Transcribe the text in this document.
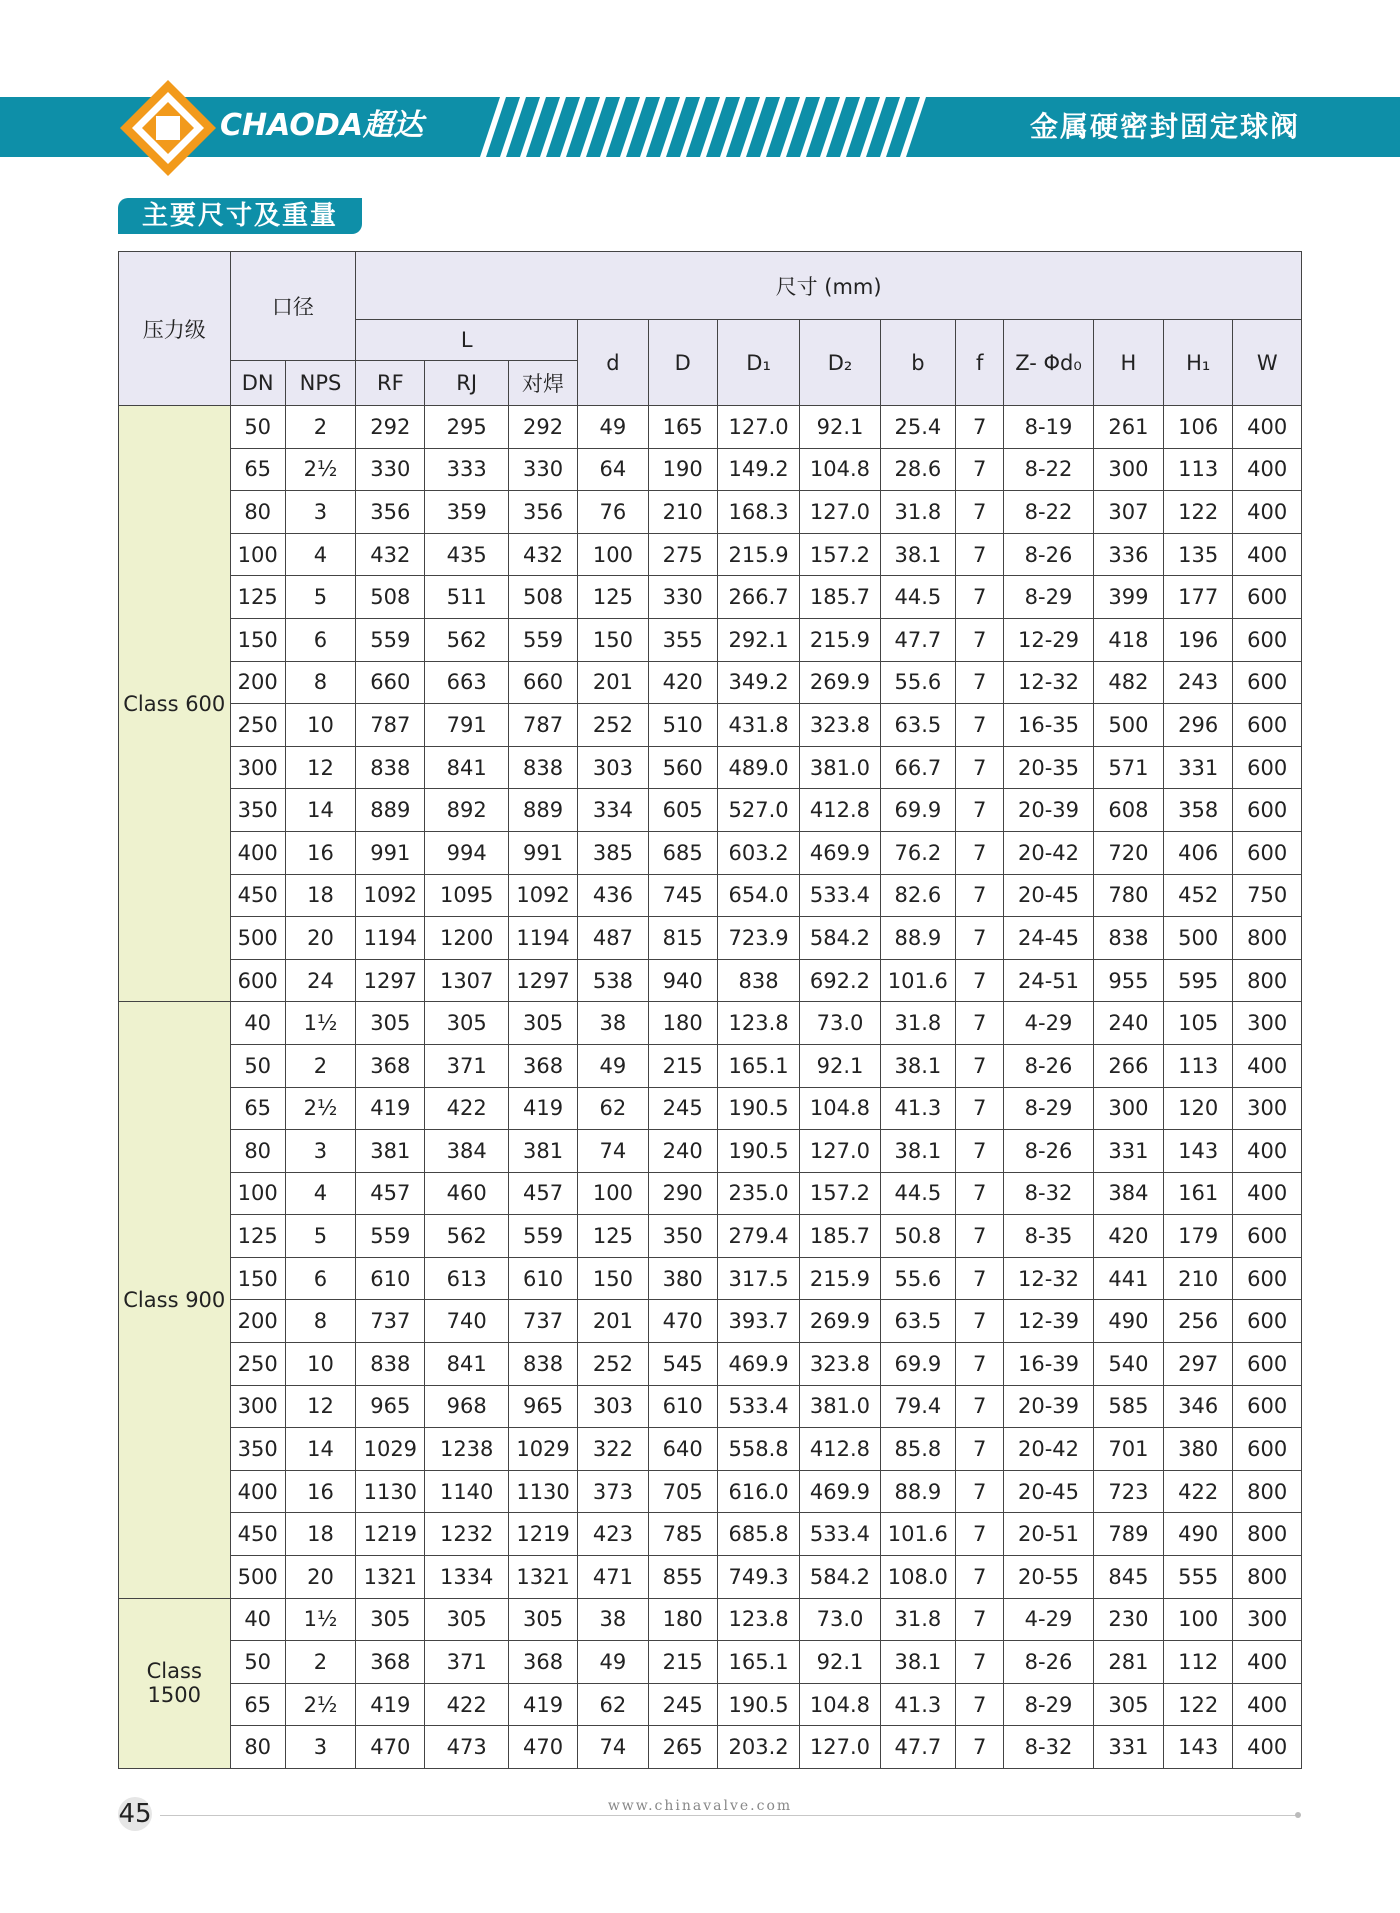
CHAODA超达	金属硬密封固定球阀
主要尺寸及重量
压力级	口径		尺寸 (mm)												
			L			d	D	D₁	D₂	b	f	Z- Φd₀	H	H₁	W
	DN	NPS	RF	RJ	对焊										
Class 600	50	2	292	295	292	49	165	127.0	92.1	25.4	7	8-19	261	106	400
	65	2½	330	333	330	64	190	149.2	104.8	28.6	7	8-22	300	113	400
	80	3	356	359	356	76	210	168.3	127.0	31.8	7	8-22	307	122	400
	100	4	432	435	432	100	275	215.9	157.2	38.1	7	8-26	336	135	400
	125	5	508	511	508	125	330	266.7	185.7	44.5	7	8-29	399	177	600
	150	6	559	562	559	150	355	292.1	215.9	47.7	7	12-29	418	196	600
	200	8	660	663	660	201	420	349.2	269.9	55.6	7	12-32	482	243	600
	250	10	787	791	787	252	510	431.8	323.8	63.5	7	16-35	500	296	600
	300	12	838	841	838	303	560	489.0	381.0	66.7	7	20-35	571	331	600
	350	14	889	892	889	334	605	527.0	412.8	69.9	7	20-39	608	358	600
	400	16	991	994	991	385	685	603.2	469.9	76.2	7	20-42	720	406	600
	450	18	1092	1095	1092	436	745	654.0	533.4	82.6	7	20-45	780	452	750
	500	20	1194	1200	1194	487	815	723.9	584.2	88.9	7	24-45	838	500	800
	600	24	1297	1307	1297	538	940	838	692.2	101.6	7	24-51	955	595	800
Class 900	40	1½	305	305	305	38	180	123.8	73.0	31.8	7	4-29	240	105	300
	50	2	368	371	368	49	215	165.1	92.1	38.1	7	8-26	266	113	400
	65	2½	419	422	419	62	245	190.5	104.8	41.3	7	8-29	300	120	300
	80	3	381	384	381	74	240	190.5	127.0	38.1	7	8-26	331	143	400
	100	4	457	460	457	100	290	235.0	157.2	44.5	7	8-32	384	161	400
	125	5	559	562	559	125	350	279.4	185.7	50.8	7	8-35	420	179	600
	150	6	610	613	610	150	380	317.5	215.9	55.6	7	12-32	441	210	600
	200	8	737	740	737	201	470	393.7	269.9	63.5	7	12-39	490	256	600
	250	10	838	841	838	252	545	469.9	323.8	69.9	7	16-39	540	297	600
	300	12	965	968	965	303	610	533.4	381.0	79.4	7	20-39	585	346	600
	350	14	1029	1238	1029	322	640	558.8	412.8	85.8	7	20-42	701	380	600
	400	16	1130	1140	1130	373	705	616.0	469.9	88.9	7	20-45	723	422	800
	450	18	1219	1232	1219	423	785	685.8	533.4	101.6	7	20-51	789	490	800
	500	20	1321	1334	1321	471	855	749.3	584.2	108.0	7	20-55	845	555	800
Class 1500	40	1½	305	305	305	38	180	123.8	73.0	31.8	7	4-29	230	100	300
	50	2	368	371	368	49	215	165.1	92.1	38.1	7	8-26	281	112	400
	65	2½	419	422	419	62	245	190.5	104.8	41.3	7	8-29	305	122	400
	80	3	470	473	470	74	265	203.2	127.0	47.7	7	8-32	331	143	400
45	www.chinavalve.com
